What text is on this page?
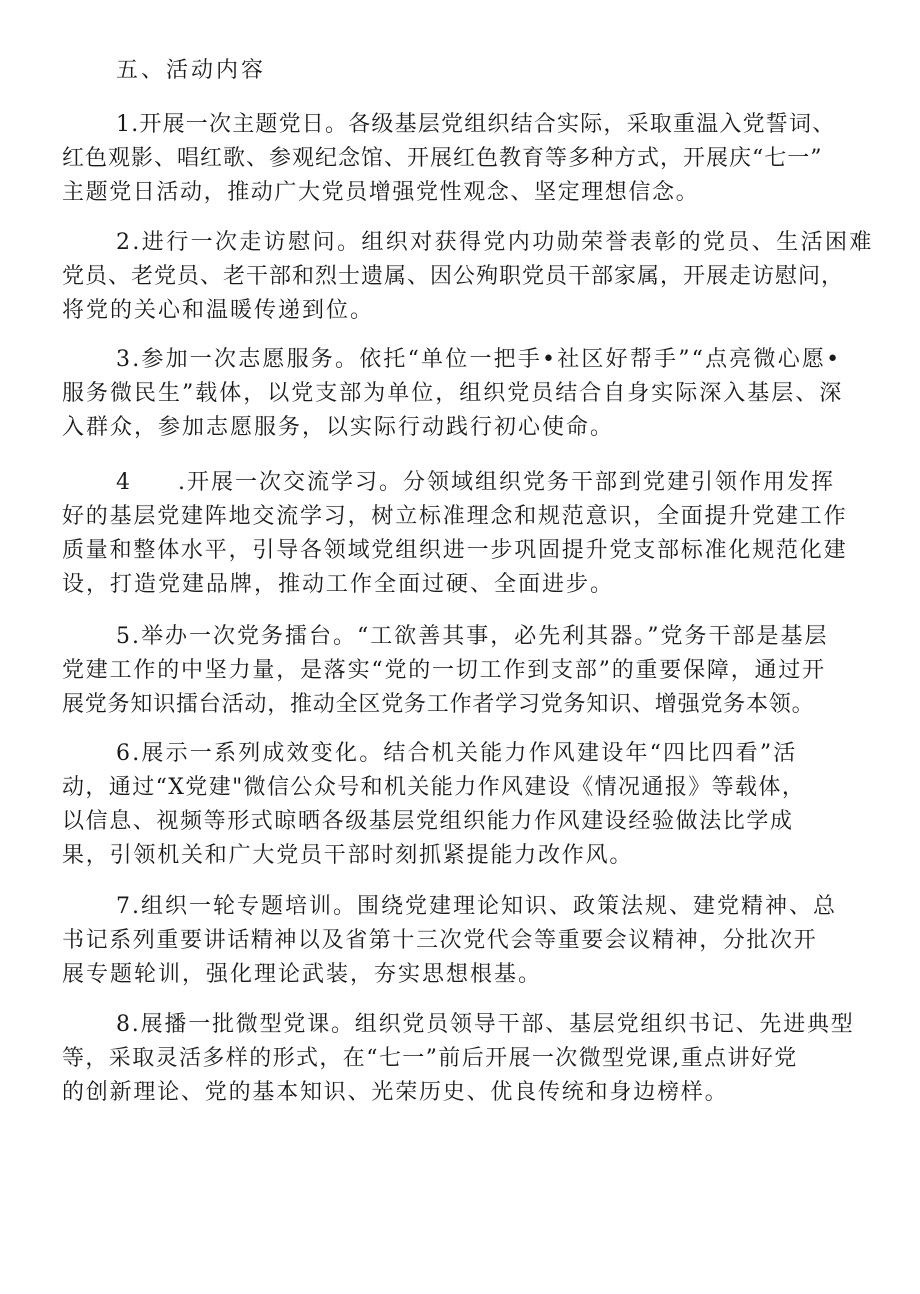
五、活动内容
1.开展一次主题党日。各级基层党组织结合实际，采取重温入党誓词、
红色观影、唱红歌、参观纪念馆、开展红色教育等多种方式，开展庆“七一”
主题党日活动，推动广大党员增强党性观念、坚定理想信念。
2.进行一次走访慰问。组织对获得党内功勋荣誉表彰的党员、生活困难
党员、老党员、老干部和烈士遗属、因公殉职党员干部家属，开展走访慰问，
将党的关心和温暖传递到位。
3.参加一次志愿服务。依托“单位一把手•社区好帮手”“点亮微心愿•
服务微民生”载体，以党支部为单位，组织党员结合自身实际深入基层、深
入群众，参加志愿服务，以实际行动践行初心使命。
4 .开展一次交流学习。分领域组织党务干部到党建引领作用发挥
好的基层党建阵地交流学习，树立标准理念和规范意识，全面提升党建工作
质量和整体水平，引导各领域党组织进一步巩固提升党支部标准化规范化建
设，打造党建品牌，推动工作全面过硬、全面进步。
5.举办一次党务擂台。“工欲善其事，必先利其器。”党务干部是基层
党建工作的中坚力量，是落实“党的一切工作到支部”的重要保障，通过开
展党务知识擂台活动，推动全区党务工作者学习党务知识、增强党务本领。
6.展示一系列成效变化。结合机关能力作风建设年“四比四看”活
动，通过“X党建"微信公众号和机关能力作风建设《情况通报》等载体，
以信息、视频等形式晾晒各级基层党组织能力作风建设经验做法比学成
果，引领机关和广大党员干部时刻抓紧提能力改作风。
7.组织一轮专题培训。围绕党建理论知识、政策法规、建党精神、总
书记系列重要讲话精神以及省第十三次党代会等重要会议精神，分批次开
展专题轮训，强化理论武装，夯实思想根基。
8.展播一批微型党课。组织党员领导干部、基层党组织书记、先进典型
等，采取灵活多样的形式，在“七一”前后开展一次微型党课,重点讲好党
的创新理论、党的基本知识、光荣历史、优良传统和身边榜样。
